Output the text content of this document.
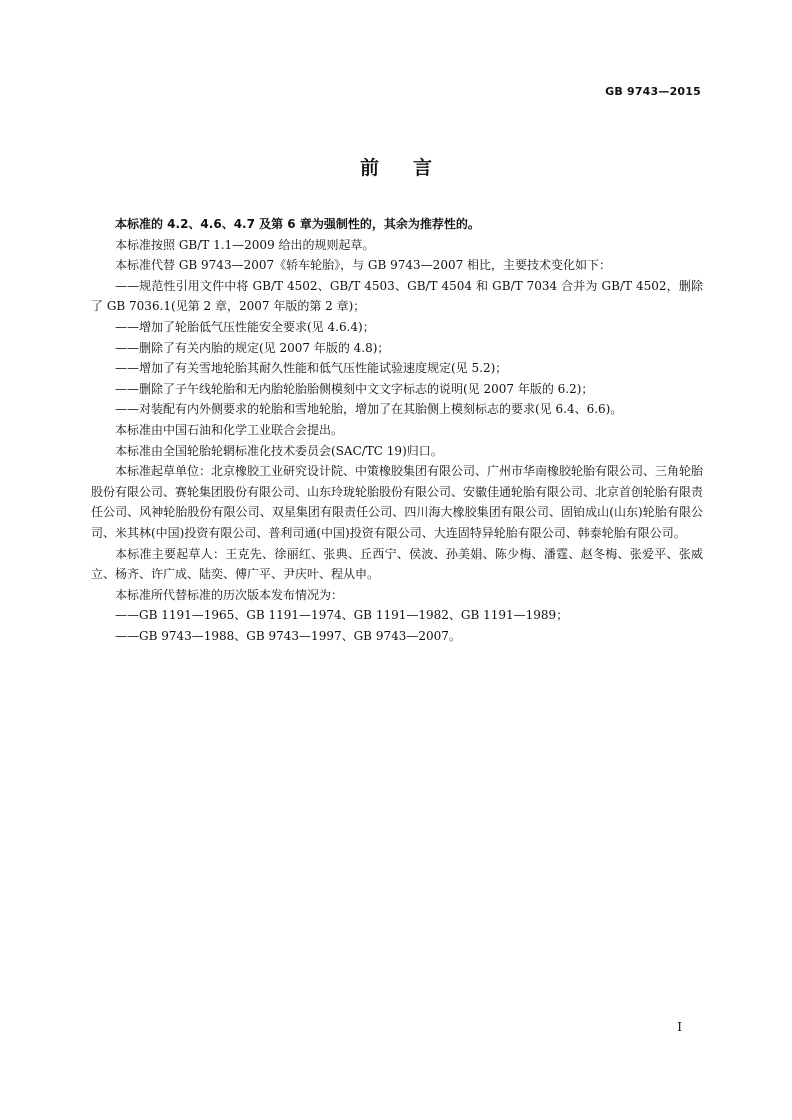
GB 9743—2015
前言

本标准的 4.2、4.6、4.7 及第 6 章为强制性的，其余为推荐性的。

本标准按照 GB/T 1.1—2009 给出的规则起草。

本标准代替 GB 9743—2007《轿车轮胎》，与 GB 9743—2007 相比，主要技术变化如下：

——规范性引用文件中将 GB/T 4502、GB/T 4503、GB/T 4504 和 GB/T 7034 合并为 GB/T 4502，删除了 GB 7036.1(见第 2 章，2007 年版的第 2 章)；

——增加了轮胎低气压性能安全要求(见 4.6.4)；

——删除了有关内胎的规定(见 2007 年版的 4.8)；

——增加了有关雪地轮胎其耐久性能和低气压性能试验速度规定(见 5.2)；

——删除了子午线轮胎和无内胎轮胎胎侧模刻中文文字标志的说明(见 2007 年版的 6.2)；

——对装配有内外侧要求的轮胎和雪地轮胎，增加了在其胎侧上模刻标志的要求(见 6.4、6.6)。

本标准由中国石油和化学工业联合会提出。

本标准由全国轮胎轮辋标准化技术委员会(SAC/TC 19)归口。

本标准起草单位：北京橡胶工业研究设计院、中策橡胶集团有限公司、广州市华南橡胶轮胎有限公司、三角轮胎股份有限公司、赛轮集团股份有限公司、山东玲珑轮胎股份有限公司、安徽佳通轮胎有限公司、北京首创轮胎有限责任公司、风神轮胎股份有限公司、双星集团有限责任公司、四川海大橡胶集团有限公司、固铂成山(山东)轮胎有限公司、米其林(中国)投资有限公司、普利司通(中国)投资有限公司、大连固特异轮胎有限公司、韩泰轮胎有限公司。

本标准主要起草人：王克先、徐丽红、张典、丘西宁、侯波、孙美娟、陈少梅、潘霆、赵冬梅、张爱平、张威立、杨齐、许广成、陆奕、傅广平、尹庆叶、程从申。

本标准所代替标准的历次版本发布情况为：

——GB 1191—1965、GB 1191—1974、GB 1191—1982、GB 1191—1989；

——GB 9743—1988、GB 9743—1997、GB 9743—2007。

I
